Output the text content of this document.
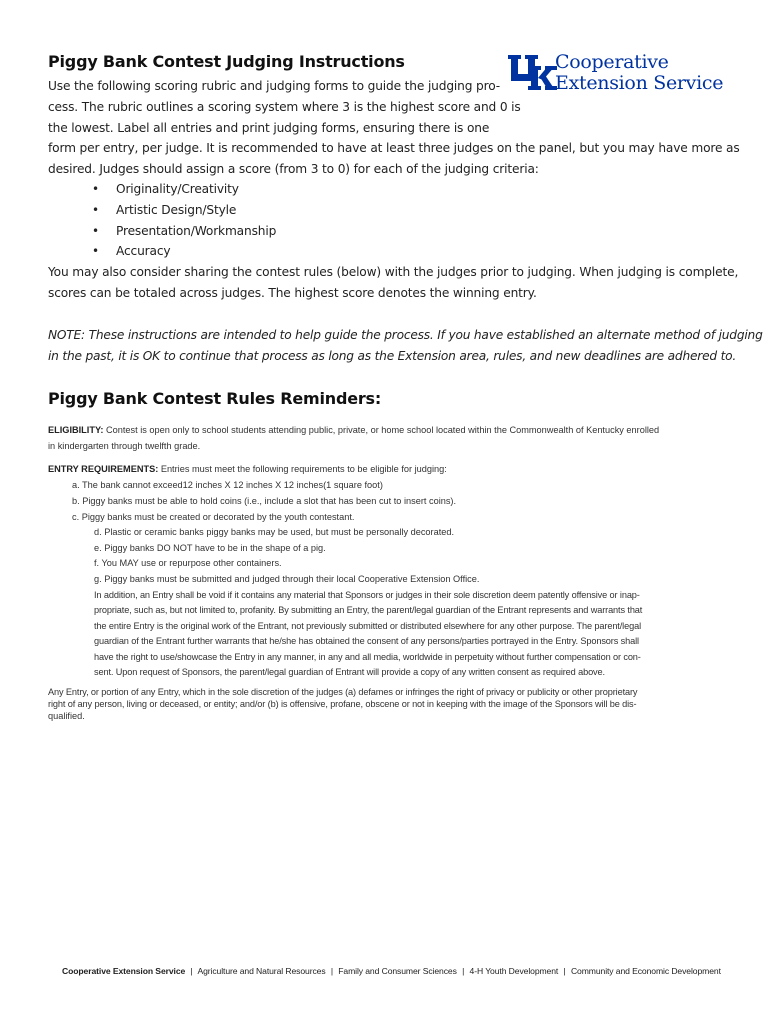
Piggy Bank Contest Judging Instructions	Cooperative
Extension Service
Use the following scoring rubric and judging forms to guide the judging pro-
cess. The rubric outlines a scoring system where 3 is the highest score and 0 is
the lowest. Label all entries and print judging forms, ensuring there is one
form per entry, per judge. It is recommended to have at least three judges on the panel, but you may have more as
desired. Judges should assign a score (from 3 to 0) for each of the judging criteria:
• Originality/Creativity
• Artistic Design/Style
• Presentation/Workmanship
• Accuracy
You may also consider sharing the contest rules (below) with the judges prior to judging. When judging is complete,
scores can be totaled across judges. The highest score denotes the winning entry.
NOTE: These instructions are intended to help guide the process. If you have established an alternate method of judging
in the past, it is OK to continue that process as long as the Extension area, rules, and new deadlines are adhered to.
Piggy Bank Contest Rules Reminders:
ELIGIBILITY: Contest is open only to school students attending public, private, or home school located within the Commonwealth of Kentucky enrolled
in kindergarten through twelfth grade.
ENTRY REQUIREMENTS: Entries must meet the following requirements to be eligible for judging:
a. The bank cannot exceed12 inches X 12 inches X 12 inches(1 square foot)
b. Piggy banks must be able to hold coins (i.e., include a slot that has been cut to insert coins).
c. Piggy banks must be created or decorated by the youth contestant.
d. Plastic or ceramic banks piggy banks may be used, but must be personally decorated.
e. Piggy banks DO NOT have to be in the shape of a pig.
f. You MAY use or repurpose other containers.
g. Piggy banks must be submitted and judged through their local Cooperative Extension Office.
In addition, an Entry shall be void if it contains any material that Sponsors or judges in their sole discretion deem patently offensive or inap-
propriate, such as, but not limited to, profanity. By submitting an Entry, the parent/legal guardian of the Entrant represents and warrants that
the entire Entry is the original work of the Entrant, not previously submitted or distributed elsewhere for any other purpose. The parent/legal
guardian of the Entrant further warrants that he/she has obtained the consent of any persons/parties portrayed in the Entry. Sponsors shall
have the right to use/showcase the Entry in any manner, in any and all media, worldwide in perpetuity without further compensation or con-
sent. Upon request of Sponsors, the parent/legal guardian of Entrant will provide a copy of any written consent as required above.
Any Entry, or portion of any Entry, which in the sole discretion of the judges (a) defames or infringes the right of privacy or publicity or other proprietary
right of any person, living or deceased, or entity; and/or (b) is offensive, profane, obscene or not in keeping with the image of the Sponsors will be dis-
qualified.
Cooperative Extension Service | Agriculture and Natural Resources | Family and Consumer Sciences | 4-H Youth Development | Community and Economic Development
